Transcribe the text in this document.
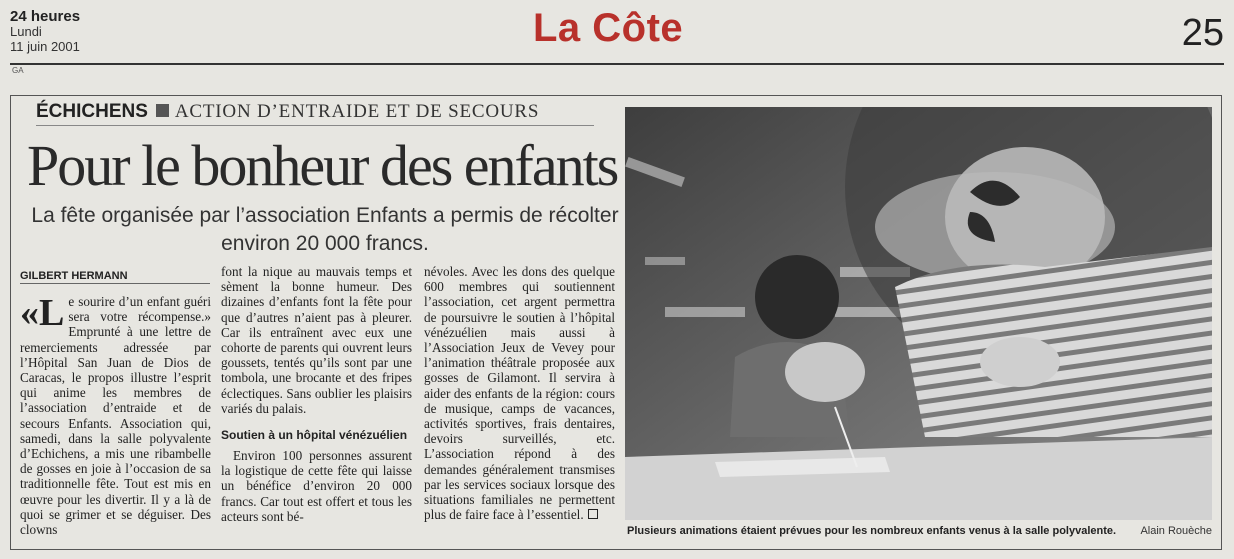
24 heures
Lundi
11 juin 2001	La Côte	25
GA
ÉCHICHENS ACTION D’ENTRAIDE ET DE SECOURS
Pour le bonheur des enfants
La fête organisée par l’association Enfants a permis de récolter environ 20 000 francs.
GILBERT HERMANN

«Le sourire d’un enfant guéri sera votre récompense.» Emprunté à une lettre de remerciements adressée par l’Hôpital San Juan de Dios de Caracas, le propos illustre l’esprit qui anime les membres de l’association d’entraide et de secours Enfants. Association qui, samedi, dans la salle polyvalente d’Echichens, a mis une ribambelle de gosses en joie à l’occasion de sa traditionnelle fête. Tout est mis en œuvre pour les divertir. Il y a là de quoi se grimer et se déguiser. Des clowns

font la nique au mauvais temps et sèment la bonne humeur. Des dizaines d’enfants font la fête pour que d’autres n’aient pas à pleurer. Car ils entraînent avec eux une cohorte de parents qui ouvrent leurs goussets, tentés qu’ils sont par une tombola, une brocante et des fripes éclectiques. Sans oublier les plaisirs variés du palais.

Soutien à un hôpital vénézuélien

Environ 100 personnes assurent la logistique de cette fête qui laisse un bénéfice d’environ 20 000 francs. Car tout est offert et tous les acteurs sont bé-

névoles. Avec les dons des quelque 600 membres qui soutiennent l’association, cet argent permettra de poursuivre le soutien à l’hôpital vénézuélien mais aussi à l’Association Jeux de Vevey pour l’animation théâtrale proposée aux gosses de Gilamont. Il servira à aider des enfants de la région: cours de musique, camps de vacances, activités sportives, frais dentaires, devoirs surveillés, etc. L’association répond à des demandes généralement transmises par les services sociaux lorsque des situations familiales ne permettent plus de faire face à l’essentiel.

Plusieurs animations étaient prévues pour les nombreux enfants venus à la salle polyvalente. Alain Rouèche
